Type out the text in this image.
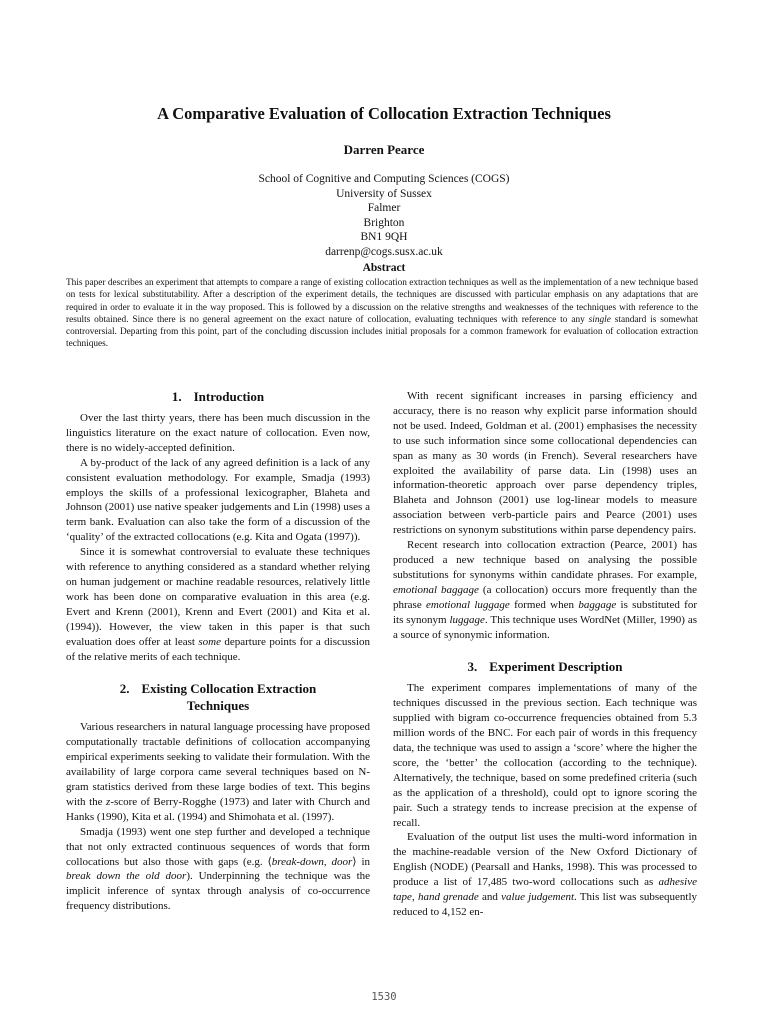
A Comparative Evaluation of Collocation Extraction Techniques
Darren Pearce
School of Cognitive and Computing Sciences (COGS)
University of Sussex
Falmer
Brighton
BN1 9QH
darrenp@cogs.susx.ac.uk
Abstract

This paper describes an experiment that attempts to compare a range of existing collocation extraction techniques as well as the implementation of a new technique based on tests for lexical substitutability. After a description of the experiment details, the techniques are discussed with particular emphasis on any adaptations that are required in order to evaluate it in the way proposed. This is followed by a discussion on the relative strengths and weaknesses of the techniques with reference to the results obtained. Since there is no general agreement on the exact nature of collocation, evaluating techniques with reference to any single standard is somewhat controversial. Departing from this point, part of the concluding discussion includes initial proposals for a common framework for evaluation of collocation extraction techniques.

1. Introduction

Over the last thirty years, there has been much discussion in the linguistics literature on the exact nature of collocation. Even now, there is no widely-accepted definition.

A by-product of the lack of any agreed definition is a lack of any consistent evaluation methodology. For example, Smadja (1993) employs the skills of a professional lexicographer, Blaheta and Johnson (2001) use native speaker judgements and Lin (1998) uses a term bank. Evaluation can also take the form of a discussion of the ‘quality’ of the extracted collocations (e.g. Kita and Ogata (1997)).

Since it is somewhat controversial to evaluate these techniques with reference to anything considered as a standard whether relying on human judgement or machine readable resources, relatively little work has been done on comparative evaluation in this area (e.g. Evert and Krenn (2001), Krenn and Evert (2001) and Kita et al. (1994)). However, the view taken in this paper is that such evaluation does offer at least some departure points for a discussion of the relative merits of each technique.

2. Existing Collocation Extraction
Techniques

Various researchers in natural language processing have proposed computationally tractable definitions of collocation accompanying empirical experiments seeking to validate their formulation. With the availability of large corpora came several techniques based on N-gram statistics derived from these large bodies of text. This begins with the z-score of Berry-Rogghe (1973) and later with Church and Hanks (1990), Kita et al. (1994) and Shimohata et al. (1997).

Smadja (1993) went one step further and developed a technique that not only extracted continuous sequences of words that form collocations but also those with gaps (e.g. ⟨break-down, door⟩ in break down the old door). Underpinning the technique was the implicit inference of syntax through analysis of co-occurrence frequency distributions.

With recent significant increases in parsing efficiency and accuracy, there is no reason why explicit parse information should not be used. Indeed, Goldman et al. (2001) emphasises the necessity to use such information since some collocational dependencies can span as many as 30 words (in French). Several researchers have exploited the availability of parse data. Lin (1998) uses an information-theoretic approach over parse dependency triples, Blaheta and Johnson (2001) use log-linear models to measure association between verb-particle pairs and Pearce (2001) uses restrictions on synonym substitutions within parse dependency pairs.

Recent research into collocation extraction (Pearce, 2001) has produced a new technique based on analysing the possible substitutions for synonyms within candidate phrases. For example, emotional baggage (a collocation) occurs more frequently than the phrase emotional luggage formed when baggage is substituted for its synonym luggage. This technique uses WordNet (Miller, 1990) as a source of synonymic information.

3. Experiment Description

The experiment compares implementations of many of the techniques discussed in the previous section. Each technique was supplied with bigram co-occurrence frequencies obtained from 5.3 million words of the BNC. For each pair of words in this frequency data, the technique was used to assign a ‘score’ where the higher the score, the ‘better’ the collocation (according to the technique). Alternatively, the technique, based on some predefined criteria (such as the application of a threshold), could opt to ignore scoring the pair. Such a strategy tends to increase precision at the expense of recall.

Evaluation of the output list uses the multi-word information in the machine-readable version of the New Oxford Dictionary of English (NODE) (Pearsall and Hanks, 1998). This was processed to produce a list of 17,485 two-word collocations such as adhesive tape, hand grenade and value judgement. This list was subsequently reduced to 4,152 en-

1530
